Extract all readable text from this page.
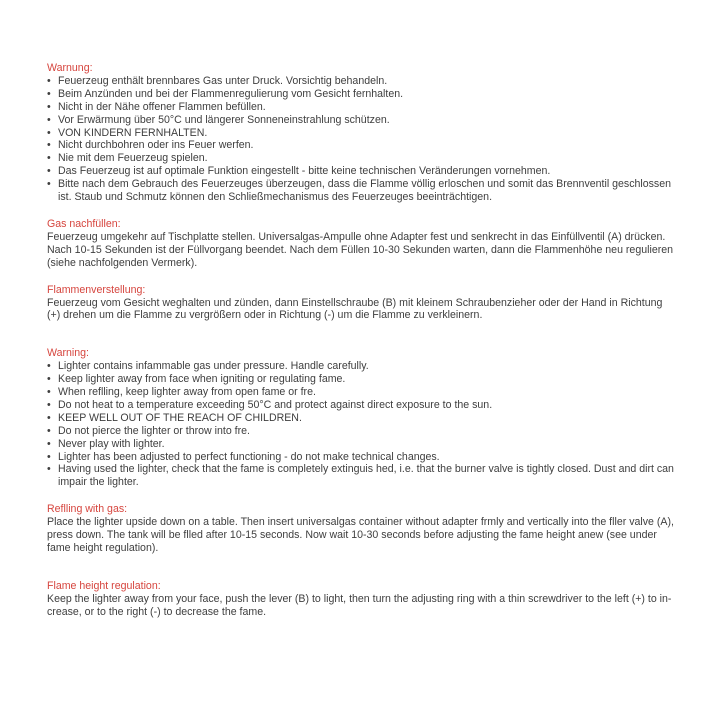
Warnung:
• Feuerzeug enthält brennbares Gas unter Druck. Vorsichtig behandeln.
• Beim Anzünden und bei der Flammenregulierung vom Gesicht fernhalten.
• Nicht in der Nähe offener Flammen befüllen.
• Vor Erwärmung über 50°C und längerer Sonneneinstrahlung schützen.
• VON KINDERN FERNHALTEN.
• Nicht durchbohren oder ins Feuer werfen.
• Nie mit dem Feuerzeug spielen.
• Das Feuerzeug ist auf optimale Funktion eingestellt - bitte keine technischen Veränderungen vornehmen.
• Bitte nach dem Gebrauch des Feuerzeuges überzeugen, dass die Flamme völlig erloschen und somit das Brennventil geschlossen ist. Staub und Schmutz können den Schließmechanismus des Feuerzeuges beeinträchtigen.
Gas nachfüllen:

Feuerzeug umgekehr auf Tischplatte stellen. Universalgas-Ampulle ohne Adapter fest und senkrecht in das Einfüllventil (A) drücken. Nach 10-15 Sekunden ist der Füllvorgang beendet. Nach dem Füllen 10-30 Sekunden warten, dann die Flammenhöhe neu regulieren (siehe nachfolgenden Vermerk).

Flammenverstellung:

Feuerzeug vom Gesicht weghalten und zünden, dann Einstellschraube (B) mit kleinem Schraubenzieher oder der Hand in Richtung (+) drehen um die Flamme zu vergrößern oder in Richtung (-) um die Flamme zu verkleinern.

Warning:
• Lighter contains infammable gas under pressure. Handle carefully.
• Keep lighter away from face when igniting or regulating fame.
• When reflling, keep lighter away from open fame or fre.
• Do not heat to a temperature exceeding 50°C and protect against direct exposure to the sun.
• KEEP WELL OUT OF THE REACH OF CHILDREN.
• Do not pierce the lighter or throw into fre.
• Never play with lighter.
• Lighter has been adjusted to perfect functioning - do not make technical changes.
• Having used the lighter, check that the fame is completely extinguis hed, i.e. that the burner valve is tightly closed. Dust and dirt can impair the lighter.
Reflling with gas:

Place the lighter upside down on a table. Then insert universalgas container without adapter frmly and vertically into the fller valve (A), press down. The tank will be flled after 10-15 seconds. Now wait 10-30 seconds before adjusting the fame height anew (see under fame height regulation).

Flame height regulation:

Keep the lighter away from your face, push the lever (B) to light, then turn the adjusting ring with a thin screwdriver to the left (+) to in-crease, or to the right (-) to decrease the fame.
